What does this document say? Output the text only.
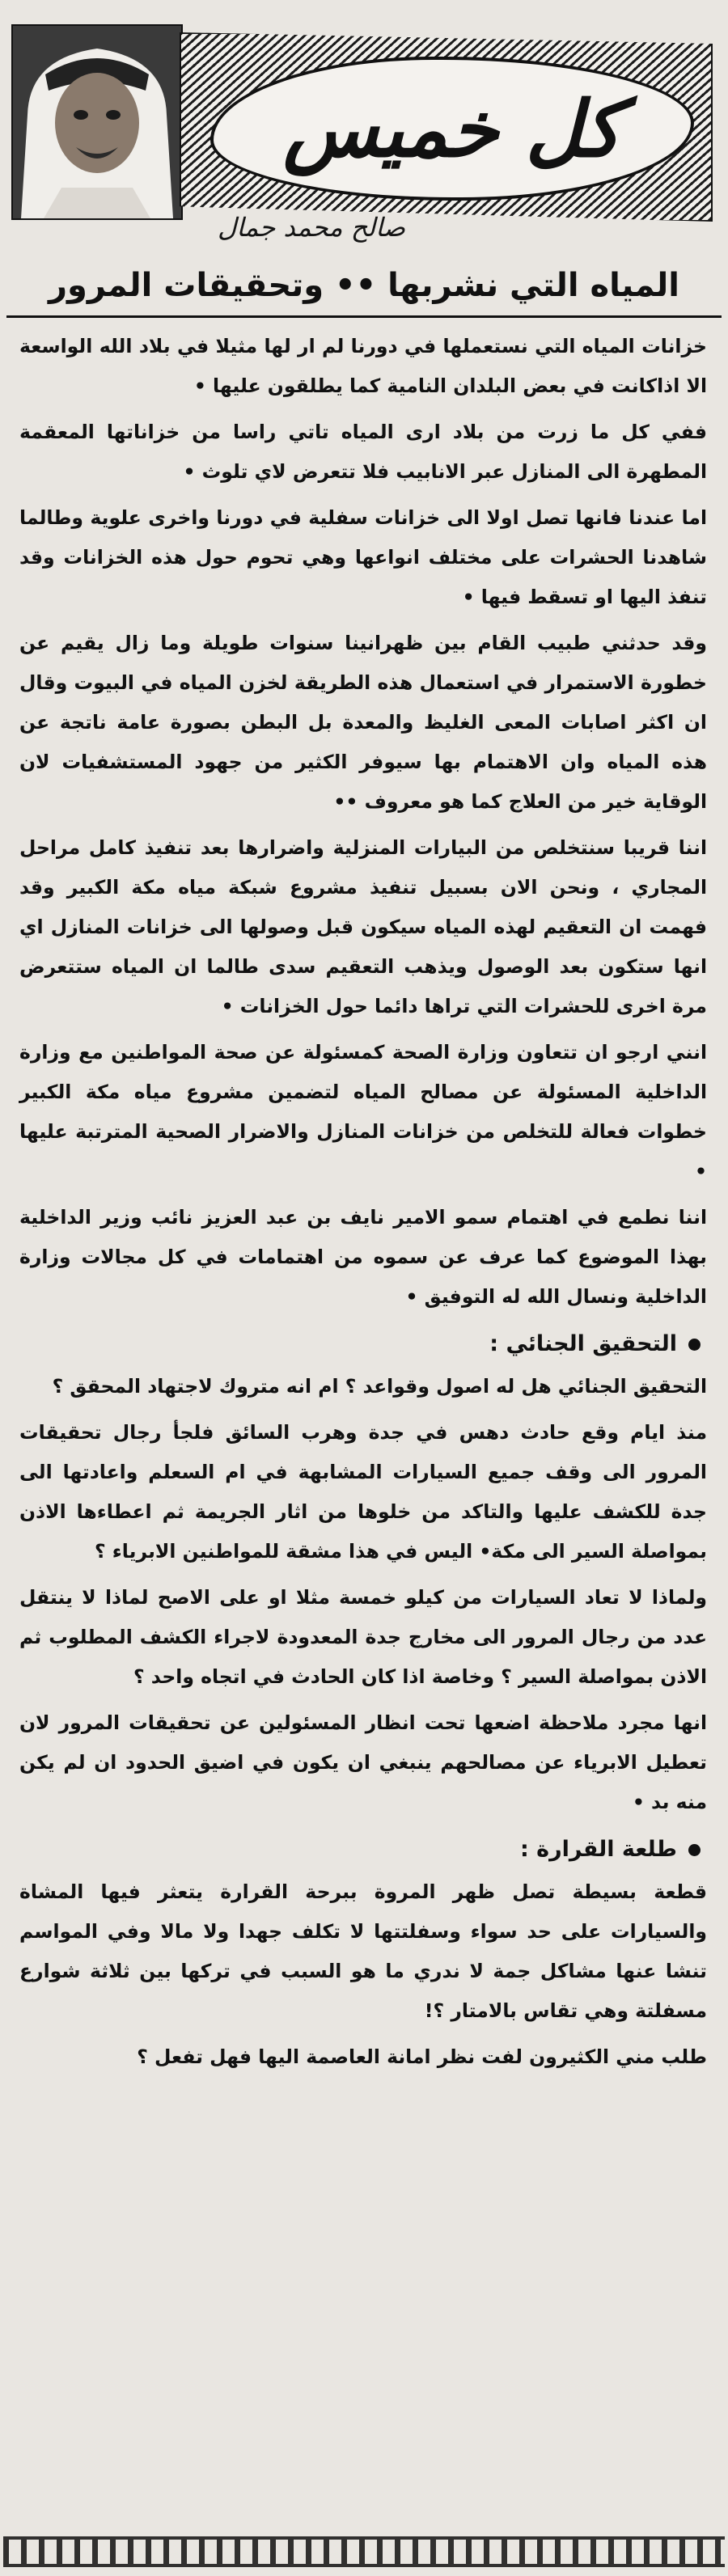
كل خميس
صالح محمد جمال
المياه التي نشربها •• وتحقيقات المرور

خزانات المياه التي نستعملها في دورنا لم ار لها مثيلا في بلاد الله الواسعة الا اذاكانت في بعض البلدان النامية كما يطلقون عليها •

ففي كل ما زرت من بلاد ارى المياه تاتي راسا من خزاناتها المعقمة المطهرة الى المنازل عبر الانابيب فلا تتعرض لاي تلوث •

اما عندنا فانها تصل اولا الى خزانات سفلية في دورنا واخرى علوية وطالما شاهدنا الحشرات على مختلف انواعها وهي تحوم حول هذه الخزانات وقد تنفذ اليها او تسقط فيها •

وقد حدثني طبيب القام بين ظهرانينا سنوات طويلة وما زال يقيم عن خطورة الاستمرار في استعمال هذه الطريقة لخزن المياه في البيوت وقال ان اكثر اصابات المعى الغليظ والمعدة بل البطن بصورة عامة ناتجة عن هذه المياه وان الاهتمام بها سيوفر الكثير من جهود المستشفيات لان الوقاية خير من العلاج كما هو معروف ••

اننا قريبا سنتخلص من البيارات المنزلية واضرارها بعد تنفيذ كامل مراحل المجاري ، ونحن الان بسبيل تنفيذ مشروع شبكة مياه مكة الكبير وقد فهمت ان التعقيم لهذه المياه سيكون قبل وصولها الى خزانات المنازل اي انها ستكون بعد الوصول ويذهب التعقيم سدى طالما ان المياه ستتعرض مرة اخرى للحشرات التي تراها دائما حول الخزانات •

انني ارجو ان تتعاون وزارة الصحة كمسئولة عن صحة المواطنين مع وزارة الداخلية المسئولة عن مصالح المياه لتضمين مشروع مياه مكة الكبير خطوات فعالة للتخلص من خزانات المنازل والاضرار الصحية المترتبة عليها •

اننا نطمع في اهتمام سمو الامير نايف بن عبد العزيز نائب وزير الداخلية بهذا الموضوع كما عرف عن سموه من اهتمامات في كل مجالات وزارة الداخلية ونسال الله له التوفيق •

التحقيق الجنائي :

التحقيق الجنائي هل له اصول وقواعد ؟ ام انه متروك لاجتهاد المحقق ؟

منذ ايام وقع حادث دهس في جدة وهرب السائق فلجأ رجال تحقيقات المرور الى وقف جميع السيارات المشابهة في ام السعلم واعادتها الى جدة للكشف عليها والتاكد من خلوها من اثار الجريمة ثم اعطاءها الاذن بمواصلة السير الى مكة• اليس في هذا مشقة للمواطنين الابرياء ؟

ولماذا لا تعاد السيارات من كيلو خمسة مثلا او على الاصح لماذا لا ينتقل عدد من رجال المرور الى مخارج جدة المعدودة لاجراء الكشف المطلوب ثم الاذن بمواصلة السير ؟ وخاصة اذا كان الحادث في اتجاه واحد ؟

انها مجرد ملاحظة اضعها تحت انظار المسئولين عن تحقيقات المرور لان تعطيل الابرياء عن مصالحهم ينبغي ان يكون في اضيق الحدود ان لم يكن منه بد •

طلعة القرارة :

قطعة بسيطة تصل ظهر المروة ببرحة القرارة يتعثر فيها المشاة والسيارات على حد سواء وسفلتتها لا تكلف جهدا ولا مالا وفي المواسم تنشا عنها مشاكل جمة لا ندري ما هو السبب في تركها بين ثلاثة شوارع مسفلتة وهي تقاس بالامتار ؟!

طلب مني الكثيرون لفت نظر امانة العاصمة اليها فهل تفعل ؟
